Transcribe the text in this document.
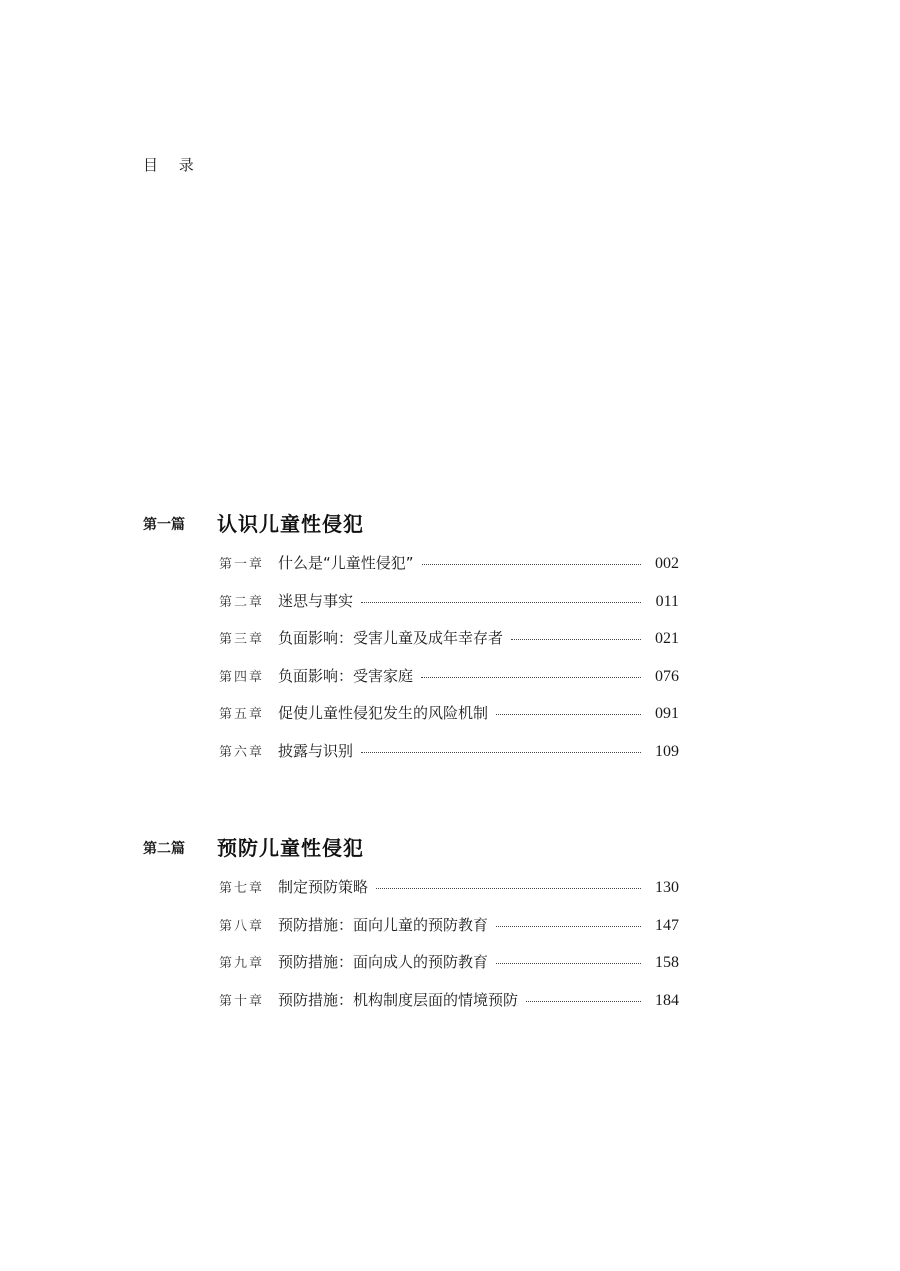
目 录
第一篇 认识儿童性侵犯
第一章 什么是“儿童性侵犯”	002
第二章 迷思与事实	011
第三章 负面影响：受害儿童及成年幸存者	021
第四章 负面影响：受害家庭	076
第五章 促使儿童性侵犯发生的风险机制	091
第六章 披露与识别	109
第二篇 预防儿童性侵犯
第七章 制定预防策略	130
第八章 预防措施：面向儿童的预防教育	147
第九章 预防措施：面向成人的预防教育	158
第十章 预防措施：机构制度层面的情境预防	184
